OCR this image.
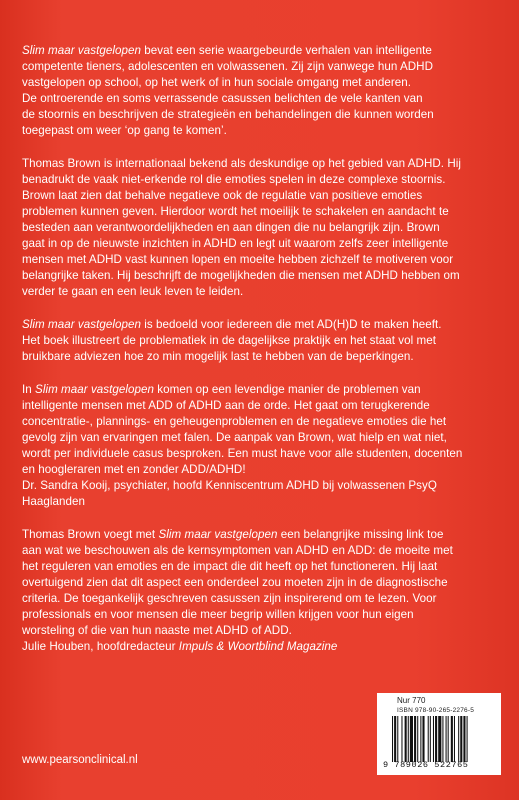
Slim maar vastgelopen bevat een serie waargebeurde verhalen van intelligente
competente tieners, adolescenten en volwassenen. Zij zijn vanwege hun ADHD
vastgelopen op school, op het werk of in hun sociale omgang met anderen.
De ontroerende en soms verrassende casussen belichten de vele kanten van
de stoornis en beschrijven de strategieën en behandelingen die kunnen worden
toegepast om weer ‘op gang te komen’.
Thomas Brown is internationaal bekend als deskundige op het gebied van ADHD. Hij
benadrukt de vaak niet-erkende rol die emoties spelen in deze complexe stoornis.
Brown laat zien dat behalve negatieve ook de regulatie van positieve emoties
problemen kunnen geven. Hierdoor wordt het moeilijk te schakelen en aandacht te
besteden aan verantwoordelijkheden en aan dingen die nu belangrijk zijn. Brown
gaat in op de nieuwste inzichten in ADHD en legt uit waarom zelfs zeer intelligente
mensen met ADHD vast kunnen lopen en moeite hebben zichzelf te motiveren voor
belangrijke taken. Hij beschrijft de mogelijkheden die mensen met ADHD hebben om
verder te gaan en een leuk leven te leiden.
Slim maar vastgelopen is bedoeld voor iedereen die met AD(H)D te maken heeft.
Het boek illustreert de problematiek in de dagelijkse praktijk en het staat vol met
bruikbare adviezen hoe zo min mogelijk last te hebben van de beperkingen.
In Slim maar vastgelopen komen op een levendige manier de problemen van
intelligente mensen met ADD of ADHD aan de orde. Het gaat om terugkerende
concentratie-, plannings- en geheugenproblemen en de negatieve emoties die het
gevolg zijn van ervaringen met falen. De aanpak van Brown, wat hielp en wat niet,
wordt per individuele casus besproken. Een must have voor alle studenten, docenten
en hoogleraren met en zonder ADD/ADHD!
Dr. Sandra Kooij, psychiater, hoofd Kenniscentrum ADHD bij volwassenen PsyQ
Haaglanden
Thomas Brown voegt met Slim maar vastgelopen een belangrijke missing link toe
aan wat we beschouwen als de kernsymptomen van ADHD en ADD: de moeite met
het reguleren van emoties en de impact die dit heeft op het functioneren. Hij laat
overtuigend zien dat dit aspect een onderdeel zou moeten zijn in de diagnostische
criteria. De toegankelijk geschreven casussen zijn inspirerend om te lezen. Voor
professionals en voor mensen die meer begrip willen krijgen voor hun eigen
worsteling of die van hun naaste met ADHD of ADD.
Julie Houben, hoofdredacteur Impuls & Woortblind Magazine
Nur 770
ISBN 978-90-265-2276-5
9 789026 522765
www.pearsonclinical.nl
